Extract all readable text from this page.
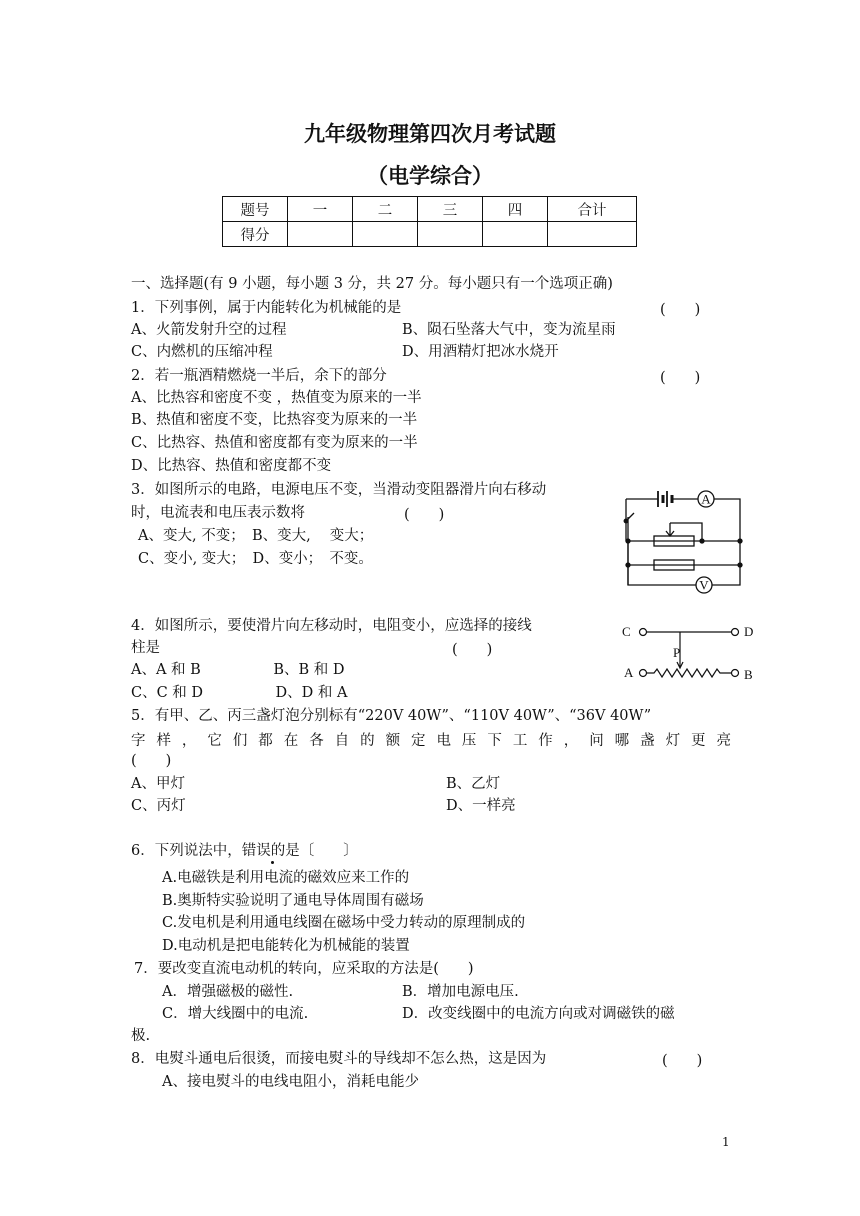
九年级物理第四次月考试题
（电学综合）
题号	一	二	三	四	合计
得分					
一、选择题(有 9 小题，每小题 3 分，共 27 分。每小题只有一个选项正确)
1．下列事例，属于内能转化为机械能的是	(　　)
A、火箭发射升空的过程	B、陨石坠落大气中，变为流星雨
C、内燃机的压缩冲程	D、用酒精灯把冰水烧开
2．若一瓶酒精燃烧一半后，余下的部分	(　　)
A、比热容和密度不变 ，热值变为原来的一半
B、热值和密度不变，比热容变为原来的一半
C、比热容、热值和密度都有变为原来的一半
D、比热容、热值和密度都不变
3．如图所示的电路，电源电压不变，当滑动变阻器滑片向右移动
时，电流表和电压表示数将	(　　)
A、变大, 不变；　B、变大,　 变大；
C、变小, 变大；　D、变小；　不变。
A
V
4．如图所示，要使滑片向左移动时，电阻变小，应选择的接线
柱是	(　　)
A、A 和 B　　　　　B、B 和 D
C、C 和 D　　　　　D、D 和 A
C	D
P
A	B
5．有甲、乙、丙三盏灯泡分别标有“220V 40W”、“110V 40W”、“36V 40W”
字样，它们都在各自的额定电压下工作，问哪盏灯更亮
(　　)
A、甲灯	B、乙灯
C、丙灯	D、一样亮
6．下列说法中，错误的是〔　　〕
A.电磁铁是利用电流的磁效应来工作的
B.奥斯特实验说明了通电导体周围有磁场
C.发电机是利用通电线圈在磁场中受力转动的原理制成的
D.电动机是把电能转化为机械能的装置
7．要改变直流电动机的转向，应采取的方法是(　　)
A．增强磁极的磁性.	B．增加电源电压.
C．增大线圈中的电流.	D．改变线圈中的电流方向或对调磁铁的磁
极.
8．电熨斗通电后很烫，而接电熨斗的导线却不怎么热，这是因为	(　　)
A、接电熨斗的电线电阻小，消耗电能少
1
